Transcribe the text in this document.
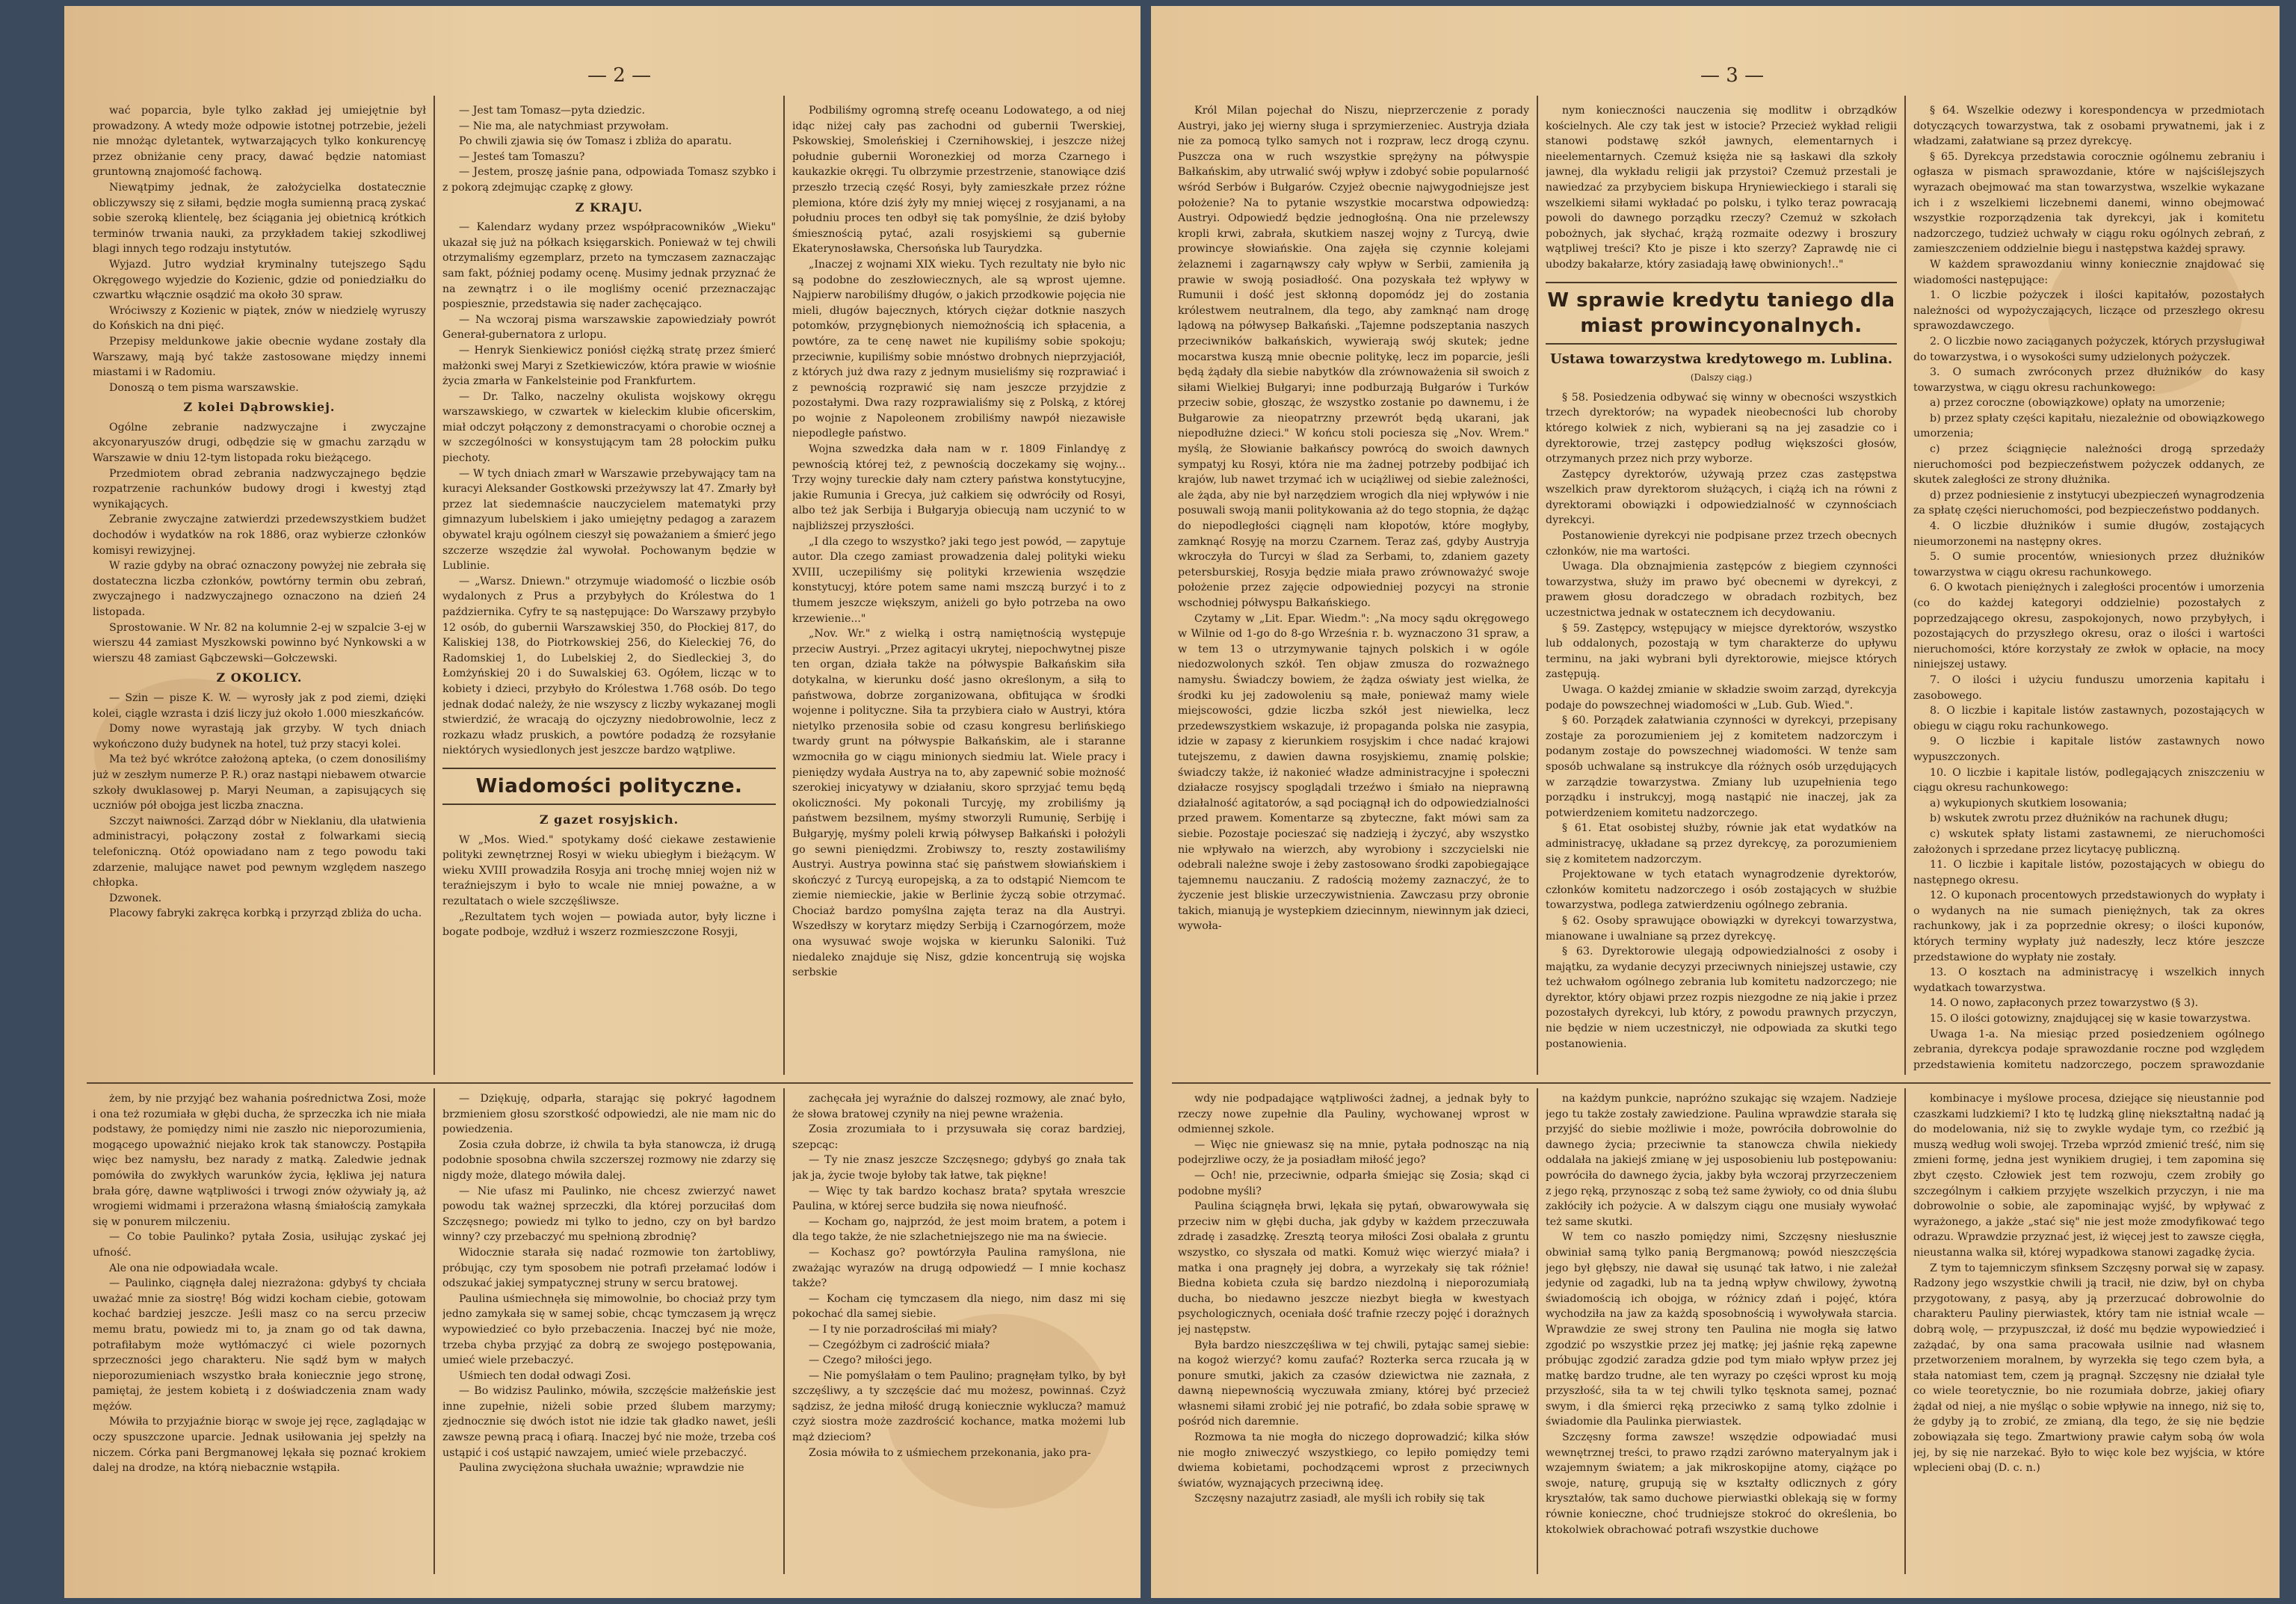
— 2 —

wać poparcia, byle tylko zakład jej umiejętnie był prowadzony. A wtedy może odpowie istotnej potrzebie, jeżeli nie mnożąc dyletantek, wytwarzających tylko konkurencyę przez obniżanie ceny pracy, dawać będzie natomiast gruntowną znajomość fachową.

Niewątpimy jednak, że założycielka dostatecznie obliczywszy się z siłami, będzie mogła sumienną pracą zyskać sobie szeroką klientelę, bez ściągania jej obietnicą krótkich terminów trwania nauki, za przykładem takiej szkodliwej blagi innych tego rodzaju instytutów.

Wyjazd. Jutro wydział kryminalny tutejszego Sądu Okręgowego wyjedzie do Kozienic, gdzie od poniedziałku do czwartku włącznie osądzić ma około 30 spraw.

Wróciwszy z Kozienic w piątek, znów w niedzielę wyruszy do Końskich na dni pięć.

Przepisy meldunkowe jakie obecnie wydane zostały dla Warszawy, mają być także zastosowane między innemi miastami i w Radomiu.

Donoszą o tem pisma warszawskie.

Z kolei Dąbrowskiej.

Ogólne zebranie nadzwyczajne i zwyczajne akcyonaryuszów drugi, odbędzie się w gmachu zarządu w Warszawie w dniu 12-tym listopada roku bieżącego.

Przedmiotem obrad zebrania nadzwyczajnego będzie rozpatrzenie rachunków budowy drogi i kwestyj ztąd wynikających.

Zebranie zwyczajne zatwierdzi przedewszystkiem budżet dochodów i wydatków na rok 1886, oraz wybierze członków komisyi rewizyjnej.

W razie gdyby na obrać oznaczony powyżej nie zebrała się dostateczna liczba członków, powtórny termin obu zebrań, zwyczajnego i nadzwyczajnego oznaczono na dzień 24 listopada.

Sprostowanie. W Nr. 82 na kolumnie 2-ej w szpalcie 3-ej w wierszu 44 zamiast Myszkowski powinno być Nynkowski a w wierszu 48 zamiast Gąbczewski—Gołczewski.

Z OKOLICY.

— Szin — pisze K. W. — wyrosły jak z pod ziemi, dzięki kolei, ciągle wzrasta i dziś liczy już około 1.000 mieszkańców.

Domy nowe wyrastają jak grzyby. W tych dniach wykończono duży budynek na hotel, tuż przy stacyi kolei.

Ma też być wkrótce założoną apteka, (o czem donosiliśmy już w zeszłym numerze P. R.) oraz nastąpi niebawem otwarcie szkoły dwuklasowej p. Maryi Neuman, a zapisujących się uczniów pół obojga jest liczba znaczna.

Szczyt naiwności. Zarząd dóbr w Nieklaniu, dla ułatwienia administracyi, połączony został z folwarkami siecią telefoniczną. Otóż opowiadano nam z tego powodu taki zdarzenie, malujące nawet pod pewnym względem naszego chłopka.

Dzwonek.

Placowy fabryki zakręca korbką i przyrząd zbliża do ucha.

— Jest tam Tomasz—pyta dziedzic.

— Nie ma, ale natychmiast przywołam.

Po chwili zjawia się ów Tomasz i zbliża do aparatu.

— Jesteś tam Tomaszu?

— Jestem, proszę jaśnie pana, odpowiada Tomasz szybko i z pokorą zdejmując czapkę z głowy.

Z KRAJU.

— Kalendarz wydany przez współpracowników „Wieku" ukazał się już na półkach księgarskich. Ponieważ w tej chwili otrzymaliśmy egzemplarz, przeto na tymczasem zaznaczając sam fakt, później podamy ocenę. Musimy jednak przyznać że na zewnątrz i o ile mogliśmy ocenić przeznaczając pospiesznie, przedstawia się nader zachęcająco.

— Na wczoraj pisma warszawskie zapowiedziały powrót Generał-gubernatora z urlopu.

— Henryk Sienkiewicz poniósł ciężką stratę przez śmierć małżonki swej Maryi z Szetkiewiczów, która prawie w wiośnie życia zmarła w Fankelsteinie pod Frankfurtem.

— Dr. Talko, naczelny okulista wojskowy okręgu warszawskiego, w czwartek w kieleckim klubie oficerskim, miał odczyt połączony z demonstracyami o chorobie ocznej a w szczególności w konsystującym tam 28 połockim pułku piechoty.

— W tych dniach zmarł w Warszawie przebywający tam na kuracyi Aleksander Gostkowski przeżywszy lat 47. Zmarły był przez lat siedemnaście nauczycielem matematyki przy gimnazyum lubelskiem i jako umiejętny pedagog a zarazem obywatel kraju ogólnem cieszył się poważaniem a śmierć jego szczerze wszędzie żal wywołał. Pochowanym będzie w Lublinie.

— „Warsz. Dniewn." otrzymuje wiadomość o liczbie osób wydalonych z Prus a przybyłych do Królestwa do 1 października. Cyfry te są następujące: Do Warszawy przybyło 12 osób, do gubernii Warszawskiej 350, do Płockiej 817, do Kaliskiej 138, do Piotrkowskiej 256, do Kieleckiej 76, do Radomskiej 1, do Lubelskiej 2, do Siedleckiej 3, do Łomżyńskiej 20 i do Suwalskiej 63. Ogółem, licząc w to kobiety i dzieci, przybyło do Królestwa 1.768 osób. Do tego jednak dodać należy, że nie wszyscy z liczby wykazanej mogli stwierdzić, że wracają do ojczyzny niedobrowolnie, lecz z rozkazu władz pruskich, a powtóre podadzą że rozsyłanie niektórych wysiedlonych jest jeszcze bardzo wątpliwe.

Wiadomości polityczne.
Z gazet rosyjskich.

W „Mos. Wied." spotykamy dość ciekawe zestawienie polityki zewnętrznej Rosyi w wieku ubiegłym i bieżącym. W wieku XVIII prowadziła Rosyja ani trochę mniej wojen niż w teraźniejszym i było to wcale nie mniej poważne, a w rezultatach o wiele szczęśliwsze.

„Rezultatem tych wojen — powiada autor, były liczne i bogate podboje, wzdłuż i wszerz rozmieszczone Rosyji,

Podbiliśmy ogromną strefę oceanu Lodowatego, a od niej idąc niżej cały pas zachodni od gubernii Twerskiej, Pskowskiej, Smoleńskiej i Czernihowskiej, i jeszcze niżej południe gubernii Woronezkiej od morza Czarnego i kaukazkie okręgi. Tu olbrzymie przestrzenie, stanowiące dziś przeszło trzecią część Rosyi, były zamieszkałe przez różne plemiona, które dziś żyły my mniej więcej z rosyjanami, a na południu proces ten odbył się tak pomyślnie, że dziś byłoby śmiesznością pytać, azali rosyjskiemi są gubernie Ekaterynosławska, Chersońska lub Taurydzka.

„Inaczej z wojnami XIX wieku. Tych rezultaty nie było nic są podobne do zeszłowiecznych, ale są wprost ujemne. Najpierw narobiliśmy długów, o jakich przodkowie pojęcia nie mieli, długów bajecznych, których ciężar dotknie naszych potomków, przygnębionych niemożnością ich spłacenia, a powtóre, za te cenę nawet nie kupiliśmy sobie spokoju; przeciwnie, kupiliśmy sobie mnóstwo drobnych nieprzyjaciół, z których już dwa razy z jednym musieliśmy się rozprawiać i z pewnością rozprawić się nam jeszcze przyjdzie z pozostałymi. Dwa razy rozprawialiśmy się z Polską, z której po wojnie z Napoleonem zrobiliśmy nawpół niezawisłe niepodległe państwo.

Wojna szwedzka dała nam w r. 1809 Finlandyę z pewnością której też, z pewnością doczekamy się wojny... Trzy wojny tureckie dały nam cztery państwa konstytucyjne, jakie Rumunia i Grecya, już całkiem się odwróciły od Rosyi, albo też jak Serbija i Bułgaryja obiecują nam uczynić to w najbliższej przyszłości.

„I dla czego to wszystko? jaki tego jest powód, — zapytuje autor. Dla czego zamiast prowadzenia dalej polityki wieku XVIII, uczepiliśmy się polityki krzewienia wszędzie konstytucyj, które potem same nami mszczą burzyć i to z tłumem jeszcze większym, aniżeli go było potrzeba na owo krzewienie..."

„Nov. Wr." z wielką i ostrą namiętnością występuje przeciw Austryi. „Przez agitacyi ukrytej, niepochwytnej pisze ten organ, działa także na półwyspie Bałkańskim siła dotykalna, w kierunku dość jasno określonym, a siłą to państwowa, dobrze zorganizowana, obfitująca w środki wojenne i polityczne. Siła ta przybiera ciało w Austryi, która nietylko przenosiła sobie od czasu kongresu berlińskiego twardy grunt na półwyspie Bałkańskim, ale i staranne wzmocniła go w ciągu minionych siedmiu lat. Wiele pracy i pieniędzy wydała Austrya na to, aby zapewnić sobie możność szerokiej inicyatywy w działaniu, skoro sprzyjać temu będą okoliczności. My pokonali Turcyję, my zrobiliśmy ją państwem bezsilnem, myśmy stworzyli Rumunię, Serbiję i Bułgaryję, myśmy poleli krwią półwysep Bałkański i położyli go sewni pieniędzmi. Zrobiwszy to, reszty zostawiliśmy Austryi. Austrya powinna stać się państwem słowiańskiem i skończyć z Turcyą europejską, a za to odstąpić Niemcom te ziemie niemieckie, jakie w Berlinie życzą sobie otrzymać. Chociaż bardzo pomyślna zajęta teraz na dla Austryi. Wszedłszy w korytarz między Serbiją i Czarnogórzem, może ona wysuwać swoje wojska w kierunku Saloniki. Tuż niedaleko znajduje się Nisz, gdzie koncentrują się wojska serbskie

żem, by nie przyjąć bez wahania pośrednictwa Zosi, może i ona też rozumiała w głębi ducha, że sprzeczka ich nie miała podstawy, że pomiędzy nimi nie zaszło nic nieporozumienia, mogącego upoważnić niejako krok tak stanowczy. Postąpiła więc bez namysłu, bez narady z matką. Zaledwie jednak pomówiła do zwykłych warunków życia, łękliwa jej natura brała górę, dawne wątpliwości i trwogi znów ożywiały ją, aż wrogiemi widmami i przerażona własną śmiałością zamykała się w ponurem milczeniu.

— Co tobie Paulinko? pytała Zosia, usiłując zyskać jej ufność.

Ale ona nie odpowiadała wcale.

— Paulinko, ciągnęła dalej niezrażona: gdybyś ty chciała uważać mnie za siostrę! Bóg widzi kocham ciebie, gotowam kochać bardziej jeszcze. Jeśli masz co na sercu przeciw memu bratu, powiedz mi to, ja znam go od tak dawna, potrafiłabym może wytłómaczyć ci wiele pozornych sprzeczności jego charakteru. Nie sądź bym w małych nieporozumieniach wszystko brała koniecznie jego stronę, pamiętaj, że jestem kobietą i z doświadczenia znam wady mężów.

Mówiła to przyjaźnie biorąc w swoje jej ręce, zaglądając w oczy spuszczone uparcie. Jednak usiłowania jej spełzły na niczem. Córka pani Bergmanowej lękała się poznać krokiem dalej na drodze, na którą niebacznie wstąpiła.

— Dziękuję, odparła, starając się pokryć łagodnem brzmieniem głosu szorstkość odpowiedzi, ale nie mam nic do powiedzenia.

Zosia czuła dobrze, iż chwila ta była stanowcza, iż drugą podobnie sposobna chwila szczerszej rozmowy nie zdarzy się nigdy może, dlatego mówiła dalej.

— Nie ufasz mi Paulinko, nie chcesz zwierzyć nawet powodu tak ważnej sprzeczki, dla której porzuciłaś dom Szczęsnego; powiedz mi tylko to jedno, czy on był bardzo winny? czy przebaczyć mu spełnioną zbrodnię?

Widocznie starała się nadać rozmowie ton żartobliwy, próbując, czy tym sposobem nie potrafi przełamać lodów i odszukać jakiej sympatycznej struny w sercu bratowej.

Paulina uśmiechnęła się mimowolnie, bo chociaż przy tym jedno zamykała się w samej sobie, chcąc tymczasem ją wręcz wypowiedzieć co było przebaczenia. Inaczej być nie może, trzeba chyba przyjąć za dobrą ze swojego postępowania, umieć wiele przebaczyć.

Uśmiech ten dodał odwagi Zosi.

— Bo widzisz Paulinko, mówiła, szczęście małżeńskie jest inne zupełnie, niżeli sobie przed ślubem marzymy; zjednocznie się dwóch istot nie idzie tak gładko nawet, jeśli zawsze pewną pracą i ofiarą. Inaczej być nie może, trzeba coś ustąpić i coś ustąpić nawzajem, umieć wiele przebaczyć.

Paulina zwyciężona słuchała uważnie; wprawdzie nie

zachęcała jej wyraźnie do dalszej rozmowy, ale znać było, że słowa bratowej czyniły na niej pewne wrażenia.

Zosia zrozumiała to i przysuwała się coraz bardziej, szepcąc:

— Ty nie znasz jeszcze Szczęsnego; gdybyś go znała tak jak ja, życie twoje byłoby tak łatwe, tak piękne!

— Więc ty tak bardzo kochasz brata? spytała wreszcie Paulina, w której serce budziła się nowa nieufność.

— Kocham go, najprzód, że jest moim bratem, a potem i dla tego także, że nie szlachetniejszego nie ma na świecie.

— Kochasz go? powtórzyła Paulina ramyślona, nie zważając wyrazów na drugą odpowiedź — I mnie kochasz także?

— Kocham cię tymczasem dla niego, nim dasz mi się pokochać dla samej siebie.

— I ty nie porzadrościłaś mi miały?

— Czegóżbym ci zadrościć miała?

— Czego? miłości jego.

— Nie pomyślałam o tem Paulino; pragnęłam tylko, by był szczęśliwy, a ty szczęście dać mu możesz, powinnaś. Czyż sądzisz, że jedna miłość drugą koniecznie wyklucza? mamuż czyż siostra może zazdrościć kochance, matka możemi lub mąż dzieciom?

Zosia mówiła to z uśmiechem przekonania, jako pra-

— 3 —

Król Milan pojechał do Niszu, nieprzerczenie z porady Austryi, jako jej wierny sługa i sprzymierzeniec. Austryja działa nie za pomocą tylko samych not i rozpraw, lecz drogą czynu. Puszcza ona w ruch wszystkie sprężyny na półwyspie Bałkańskim, aby utrwalić swój wpływ i zdobyć sobie popularność wśród Serbów i Bułgarów. Czyjeż obecnie najwygodniejsze jest położenie? Na to pytanie wszystkie mocarstwa odpowiedzą: Austryi. Odpowiedź będzie jednogłośną. Ona nie przelewszy kropli krwi, zabrała, skutkiem naszej wojny z Turcyą, dwie prowincye słowiańskie. Ona zajęła się czynnie kolejami żelaznemi i zagarnąwszy cały wpływ w Serbii, zamieniła ją prawie w swoją posiadłość. Ona pozyskała też wpływy w Rumunii i dość jest skłonną dopomódz jej do zostania królestwem neutralnem, dla tego, aby zamknąć nam drogę lądową na półwysep Bałkański. „Tajemne podszeptania naszych przeciwników bałkańskich, wywierają swój skutek; jedne mocarstwa kuszą mnie obecnie politykę, lecz im poparcie, jeśli będą żądały dla siebie nabytków dla zrównoważenia sił swoich z siłami Wielkiej Bułgaryi; inne podburzają Bułgarów i Turków przeciw sobie, głosząc, że wszystko zostanie po dawnemu, i że Bułgarowie za nieopatrzny przewrót będą ukarani, jak niepodłużne dzieci." W końcu stoli pociesza się „Nov. Wrem." myślą, że Słowianie bałkańscy powrócą do swoich dawnych sympatyj ku Rosyi, która nie ma żadnej potrzeby podbijać ich krajów, lub nawet trzymać ich w uciążliwej od siebie zależności, ale żąda, aby nie był narzędziem wrogich dla niej wpływów i nie posuwali swoją manii politykowania aż do tego stopnia, że dążąc do niepodległości ciągnęli nam kłopotów, które mogłyby, zamknąć Rosyję na morzu Czarnem. Teraz zaś, gdyby Austryja wkroczyła do Turcyi w ślad za Serbami, to, zdaniem gazety petersburskiej, Rosyja będzie miała prawo zrównoważyć swoje położenie przez zajęcie odpowiedniej pozycyi na stronie wschodniej półwyspu Bałkańskiego.

Czytamy w „Lit. Epar. Wiedm.": „Na mocy sądu okręgowego w Wilnie od 1-go do 8-go Września r. b. wyznaczono 31 spraw, a w tem 13 o utrzymywanie tajnych polskich i w ogóle niedozwolonych szkół. Ten objaw zmusza do rozważnego namysłu. Świadczy bowiem, że żądza oświaty jest wielka, że środki ku jej zadowoleniu są małe, ponieważ mamy wiele miejscowości, gdzie liczba szkół jest niewielka, lecz przedewszystkiem wskazuje, iż propaganda polska nie zasypia, idzie w zapasy z kierunkiem rosyjskim i chce nadać krajowi tutejszemu, z dawien dawna rosyjskiemu, znamię polskie; świadczy także, iż nakonieć władze administracyjne i społeczni działacze rosyjscy spoglądali trzeźwo i śmiało na nieprawną działalność agitatorów, a sąd pociągnął ich do odpowiedzialności przed prawem. Komentarze są zbyteczne, fakt mówi sam za siebie. Pozostaje pocieszać się nadzieją i życzyć, aby wszystko nie wpływało na wierzch, aby wyrobiony i szczycielski nie odebrali należne swoje i żeby zastosowano środki zapobiegające tajemnemu nauczaniu. Z radością możemy zaznaczyć, że to życzenie jest bliskie urzeczywistnienia. Zawczasu przy obronie takich, mianują je wystepkiem dziecinnym, niewinnym jak dzieci, wywoła-

nym konieczności nauczenia się modlitw i obrządków kościelnych. Ale czy tak jest w istocie? Przecież wykład religii stanowi podstawę szkół jawnych, elementarnych i nieelementarnych. Czemuż księża nie są łaskawi dla szkoły jawnej, dla wykładu religii jak przystoi? Czemuż przestali je nawiedzać za przybyciem biskupa Hryniewieckiego i starali się wszelkiemi siłami wykładać po polsku, i tylko teraz powracają powoli do dawnego porządku rzeczy? Czemuż w szkołach pobożnych, jak słychać, krążą rozmaite odezwy i broszury wątpliwej treści? Kto je pisze i kto szerzy? Zaprawdę nie ci ubodzy bakałarze, który zasiadają ławę obwinionych!.."

W sprawie kredytu taniego dla miast prowincyonalnych.
Ustawa towarzystwa kredytowego m. Lublina.
(Dalszy ciąg.)

§ 58. Posiedzenia odbywać się winny w obecności wszystkich trzech dyrektorów; na wypadek nieobecności lub choroby którego kolwiek z nich, wybierani są na jej zasadzie co i dyrektorowie, trzej zastępcy podług większości głosów, otrzymanych przez nich przy wyborze.

Zastępcy dyrektorów, używają przez czas zastępstwa wszelkich praw dyrektorom służących, i ciążą ich na równi z dyrektorami obowiązki i odpowiedzialność w czynnościach dyrekcyi.

Postanowienie dyrekcyi nie podpisane przez trzech obecnych członków, nie ma wartości.

Uwaga. Dla obznajmienia zastępców z biegiem czynności towarzystwa, służy im prawo być obecnemi w dyrekcyi, z prawem głosu doradczego w obradach rozbitych, bez uczestnictwa jednak w ostatecznem ich decydowaniu.

§ 59. Zastępcy, wstępujący w miejsce dyrektorów, wszystko lub oddalonych, pozostają w tym charakterze do upływu terminu, na jaki wybrani byli dyrektorowie, miejsce których zastępują.

Uwaga. O każdej zmianie w składzie swoim zarząd, dyrekcyja podaje do powszechnej wiadomości w „Lub. Gub. Wied.".

§ 60. Porządek załatwiania czynności w dyrekcyi, przepisany zostaje za porozumieniem jej z komitetem nadzorczym i podanym zostaje do powszechnej wiadomości. W tenże sam sposób uchwalane są instrukcye dla różnych osób urzędujących w zarządzie towarzystwa. Zmiany lub uzupełnienia tego porządku i instrukcyj, mogą nastąpić nie inaczej, jak za potwierdzeniem komitetu nadzorczego.

§ 61. Etat osobistej służby, równie jak etat wydatków na administracyę, układane są przez dyrekcyę, za porozumieniem się z komitetem nadzorczym.

Projektowane w tych etatach wynagrodzenie dyrektorów, członków komitetu nadzorczego i osób zostających w służbie towarzystwa, podlega zatwierdzeniu ogólnego zebrania.

§ 62. Osoby sprawujące obowiązki w dyrekcyi towarzystwa, mianowane i uwalniane są przez dyrekcyę.

§ 63. Dyrektorowie ulegają odpowiedzialności z osoby i majątku, za wydanie decyzyi przeciwnych niniejszej ustawie, czy też uchwałom ogólnego zebrania lub komitetu nadzorczego; nie dyrektor, który objawi przez rozpis niezgodne ze nią jakie i przez pozostałych dyrekcyi, lub który, z powodu prawnych przyczyn, nie będzie w niem uczestniczył, nie odpowiada za skutki tego postanowienia.

§ 64. Wszelkie odezwy i korespondencya w przedmiotach dotyczących towarzystwa, tak z osobami prywatnemi, jak i z władzami, załatwiane są przez dyrekcyę.

§ 65. Dyrekcya przedstawia corocznie ogólnemu zebraniu i ogłasza w pismach sprawozdanie, które w najściślejszych wyrazach obejmować ma stan towarzystwa, wszelkie wykazane ich i z wszelkiemi liczebnemi danemi, winno obejmować wszystkie rozporządzenia tak dyrekcyi, jak i komitetu nadzorczego, tudzież uchwały w ciągu roku ogólnych zebrań, z zamieszczeniem oddzielnie biegu i następstwa każdej sprawy.

W każdem sprawozdaniu winny koniecznie znajdować się wiadomości następujące:

1. O liczbie pożyczek i ilości kapitałów, pozostałych należności od wypożyczających, liczące od przeszłego okresu sprawozdawczego.

2. O liczbie nowo zaciąganych pożyczek, których przysługiwał do towarzystwa, i o wysokości sumy udzielonych pożyczek.

3. O sumach zwróconych przez dłużników do kasy towarzystwa, w ciągu okresu rachunkowego:

a) przez coroczne (obowiązkowe) opłaty na umorzenie;

b) przez spłaty części kapitału, niezależnie od obowiązkowego umorzenia;

c) przez ściągnięcie należności drogą sprzedaży nieruchomości pod bezpieczeństwem pożyczek oddanych, ze skutek zaległości ze strony dłużnika.

d) przez podniesienie z instytucyi ubezpieczeń wynagrodzenia za spłatę części nieruchomości, pod bezpieczeństwo poddanych.

4. O liczbie dłużników i sumie długów, zostających nieumorzonemi na następny okres.

5. O sumie procentów, wniesionych przez dłużników towarzystwa w ciągu okresu rachunkowego.

6. O kwotach pieniężnych i zaległości procentów i umorzenia (co do każdej kategoryi oddzielnie) pozostałych z poprzedzającego okresu, zaspokojonych, nowo przybyłych, i pozostających do przyszłego okresu, oraz o ilości i wartości nieruchomości, które korzystały ze zwłok w opłacie, na mocy niniejszej ustawy.

7. O ilości i użyciu funduszu umorzenia kapitału i zasobowego.

8. O liczbie i kapitale listów zastawnych, pozostających w obiegu w ciągu roku rachunkowego.

9. O liczbie i kapitale listów zastawnych nowo wypuszczonych.

10. O liczbie i kapitale listów, podlegających zniszczeniu w ciągu okresu rachunkowego:

a) wykupionych skutkiem losowania;

b) wskutek zwrotu przez dłużników na rachunek długu;

c) wskutek spłaty listami zastawnemi, ze nieruchomości założonych i sprzedane przez licytacyę publiczną.

11. O liczbie i kapitale listów, pozostających w obiegu do następnego okresu.

12. O kuponach procentowych przedstawionych do wypłaty i o wydanych na nie sumach pieniężnych, tak za okres rachunkowy, jak i za poprzednie okresy; o ilości kuponów, których terminy wypłaty już nadeszły, lecz które jeszcze przedstawione do wypłaty nie zostały.

13. O kosztach na administracyę i wszelkich innych wydatkach towarzystwa.

14. O nowo, zapłaconych przez towarzystwo (§ 3).

15. O ilości gotowizny, znajdującej się w kasie towarzystwa.

Uwaga 1-a. Na miesiąc przed posiedzeniem ogólnego zebrania, dyrekcya podaje sprawozdanie roczne pod względem przedstawienia komitetu nadzorczego, poczem sprawozdanie

wdy nie podpadające wątpliwości żadnej, a jednak były to rzeczy nowe zupełnie dla Pauliny, wychowanej wprost w odmiennej szkole.

— Więc nie gniewasz się na mnie, pytała podnosząc na nią podejrzliwe oczy, że ja posiadłam miłość jego?

— Och! nie, przeciwnie, odparła śmiejąc się Zosia; skąd ci podobne myśli?

Paulina ściągnęła brwi, lękała się pytań, obwarowywała się przeciw nim w głębi ducha, jak gdyby w każdem przeczuwała zdradę i zasadzkę. Zresztą teorya miłości Zosi obalała z gruntu wszystko, co słyszała od matki. Komuż więc wierzyć miała? i matka i ona pragnęły jej dobra, a wyrzekały się tak różnie! Biedna kobieta czuła się bardzo niezdolną i nieporozumiałą ducha, bo niedawno jeszcze niezbyt biegła w kwestyach psychologicznych, oceniała dość trafnie rzeczy pojęć i dorażnych jej następstw.

Była bardzo nieszczęśliwa w tej chwili, pytając samej siebie: na kogoż wierzyć? komu zaufać? Rozterka serca rzucała ją w ponure smutki, jakich za czasów dziewictwa nie zaznała, z dawną niepewnością wyczuwała zmiany, której być przecież własnemi siłami zrobić jej nie potrafić, bo zdała sobie sprawę w pośród nich daremnie.

Rozmowa ta nie mogła do niczego doprowadzić; kilka słów nie mogło zniweczyć wszystkiego, co lepiło pomiędzy temi dwiema kobietami, pochodzącemi wprost z przeciwnych światów, wyznających przeciwną ideę.

Szczęsny nazajutrz zasiadł, ale myśli ich robiły się tak

na każdym punkcie, napróżno szukając się wzajem. Nadzieje jego tu także zostały zawiedzione. Paulina wprawdzie starała się przyjść do siebie możliwie i może, powróciła dobrowolnie do dawnego życia; przeciwnie ta stanowcza chwila niekiedy oddalała na jakiejś zmianę w jej usposobieniu lub postępowaniu: powróciła do dawnego życia, jakby była wczoraj przyrzeczeniem z jego ręką, przynosząc z sobą też same żywioły, co od dnia ślubu zakłóciły ich pożycie. A w dalszym ciągu one musiały wywołać też same skutki.

W tem co naszło pomiędzy nimi, Szczęsny niesłusznie obwiniał samą tylko panią Bergmanową; powód nieszczęścia jego był głębszy, nie dawał się usunąć tak łatwo, i nie zależał jedynie od zagadki, lub na ta jedną wpływ chwilowy, żywotną świadomością ich obojga, w różnicy zdań i pojęć, która wychodziła na jaw za każdą sposobnością i wywoływała starcia. Wprawdzie ze swej strony ten Paulina nie mogła się łatwo zgodzić po wszystkie przez jej matkę; jej jaśnie ręką zapewne próbując zgodzić zaradza gdzie pod tym miało wpływ przez jej matkę bardzo trudne, ale ten wyrazy po części wprost ku moją przyszłość, siła ta w tej chwili tylko tęsknota samej, poznać swym, i dla śmierci ręką przeciwko z samą tylko zdolnie i świadomie dla Paulinka pierwiastek.

Szczęsny forma zawsze! wszędzie odpowiadać musi wewnętrznej treści, to prawo rządzi zarówno materyalnym jak i wzajemnym światem; a jak mikroskopijne atomy, ciążące po swoje, naturę, grupują się w kształty odlicznych z góry kryształów, tak samo duchowe pierwiastki oblekają się w formy równie konieczne, choć trudniejsze stokroć do określenia, bo ktokolwiek obrachować potrafi wszystkie duchowe

kombinacye i myślowe procesa, dziejące się nieustannie pod czaszkami ludzkiemi? I kto tę ludzką glinę niekształtną nadać ją do modelowania, niż się to zwykle wydaje tym, co rzeźbić ją muszą według woli swojej. Trzeba wprzód zmienić treść, nim się zmieni formę, jedna jest wynikiem drugiej, i tem zapomina się zbyt często. Człowiek jest tem rozwoju, czem zrobiły go szczególnym i całkiem przyjęte wszelkich przyczyn, i nie ma dobrowolnie o sobie, ale zapominając wyjść, by wpływać z wyrażonego, a jakże „stać się" nie jest może zmodyfikować tego odrazu. Wprawdzie przyznać jest, iż więcej jest to zawsze cięgła, nieustanna walka sił, której wypadkowa stanowi zagadkę życia.

Z tym to tajemniczym sfinksem Szczęsny porwał się w zapasy. Radzony jego wszystkie chwili ją tracił, nie dziw, był on chyba przygotowany, z pasyą, aby ją przerzucać dobrowolnie do charakteru Pauliny pierwiastek, który tam nie istniał wcale — dobrą wolę, — przypuszczał, iż dość mu będzie wypowiedzieć i zażądać, by ona sama pracowała usilnie nad własnem przetworzeniem moralnem, by wyrzekła się tego czem była, a stała natomiast tem, czem ją pragnął. Szczęsny nie działał tyle co wiele teoretycznie, bo nie rozumiała dobrze, jakiej ofiary żądał od niej, a nie myśląc o sobie wpływie na innego, niż się to, że gdyby ją to zrobić, ze zmianą, dla tego, że się nie będzie zobowiązała się tego. Zmartwiony prawie całym sobą ów wola jej, by się nie narzekać. Było to więc kole bez wyjścia, w które wplecieni obaj (D. c. n.)
